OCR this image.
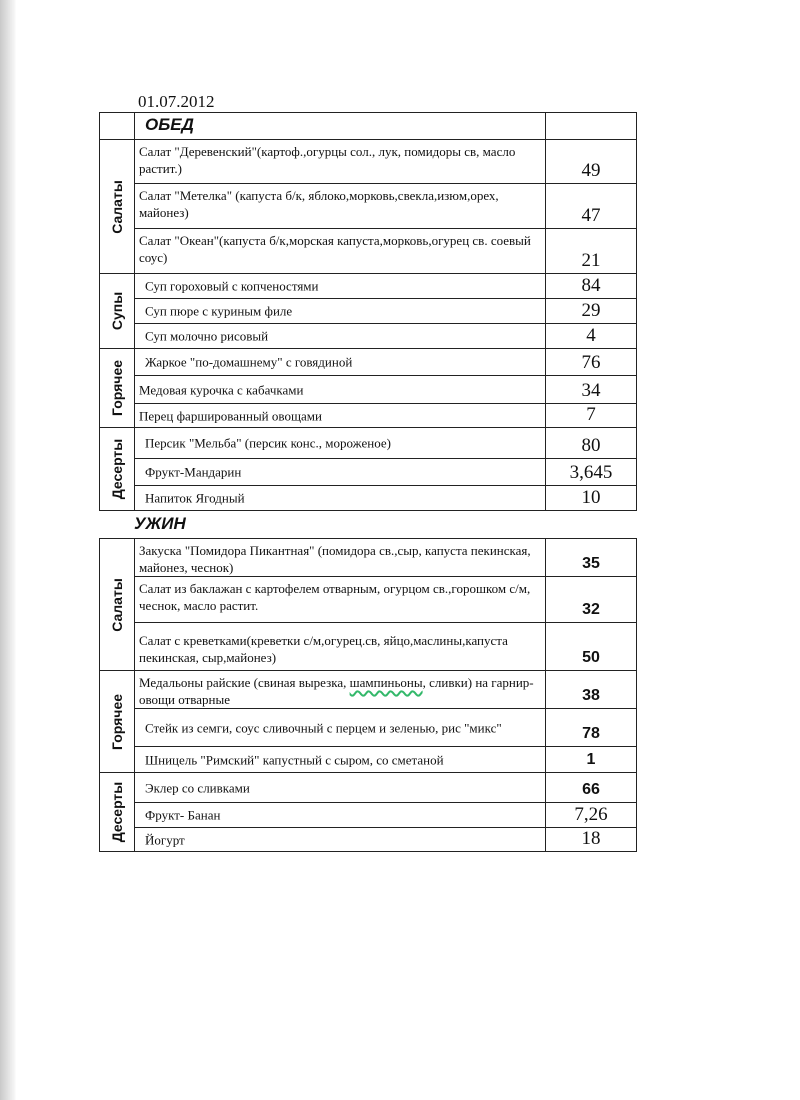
01.07.2012

	ОБЕД	

Салаты	Салат "Деревенский"(картоф.,огурцы сол., лук, помидоры св, масло растит.)	49

	Салат "Метелка" (капуста б/к, яблоко,морковь,свекла,изюм,орех, майонез)	47

	Салат "Океан"(капуста б/к,морская капуста,морковь,огурец св. соевый соус)	21

Супы	Суп гороховый с копченостями	84

	Суп пюре с куриным филе	29

	Суп молочно рисовый	4

Горячее	Жаркое "по-домашнему" с говядиной	76

	Медовая курочка с кабачками	34

	Перец фаршированный овощами	7

Десерты	Персик "Мельба" (персик конс., мороженое)	80

	Фрукт-Мандарин	3,645

	Напиток Ягодный	10
УЖИН
Салаты	Закуска "Помидора Пикантная" (помидора св.,сыр, капуста пекинская, майонез, чеснок)	35

	Салат из баклажан с картофелем отварным, огурцом св.,горошком с/м, чеснок, масло растит.	32

	Салат с креветками(креветки с/м,огурец.св, яйцо,маслины,капуста пекинская, сыр,майонез)	50

Горячее	Медальоны райские (свиная вырезка, шампиньоны, сливки) на гарнир- овощи отварные	38

	Стейк из семги, соус сливочный с перцем и зеленью, рис "микс"	78

	Шницель "Римский" капустный с сыром, со сметаной	1

Десерты	Эклер со сливками	66

	Фрукт- Банан	7,26

	Йогурт	18
